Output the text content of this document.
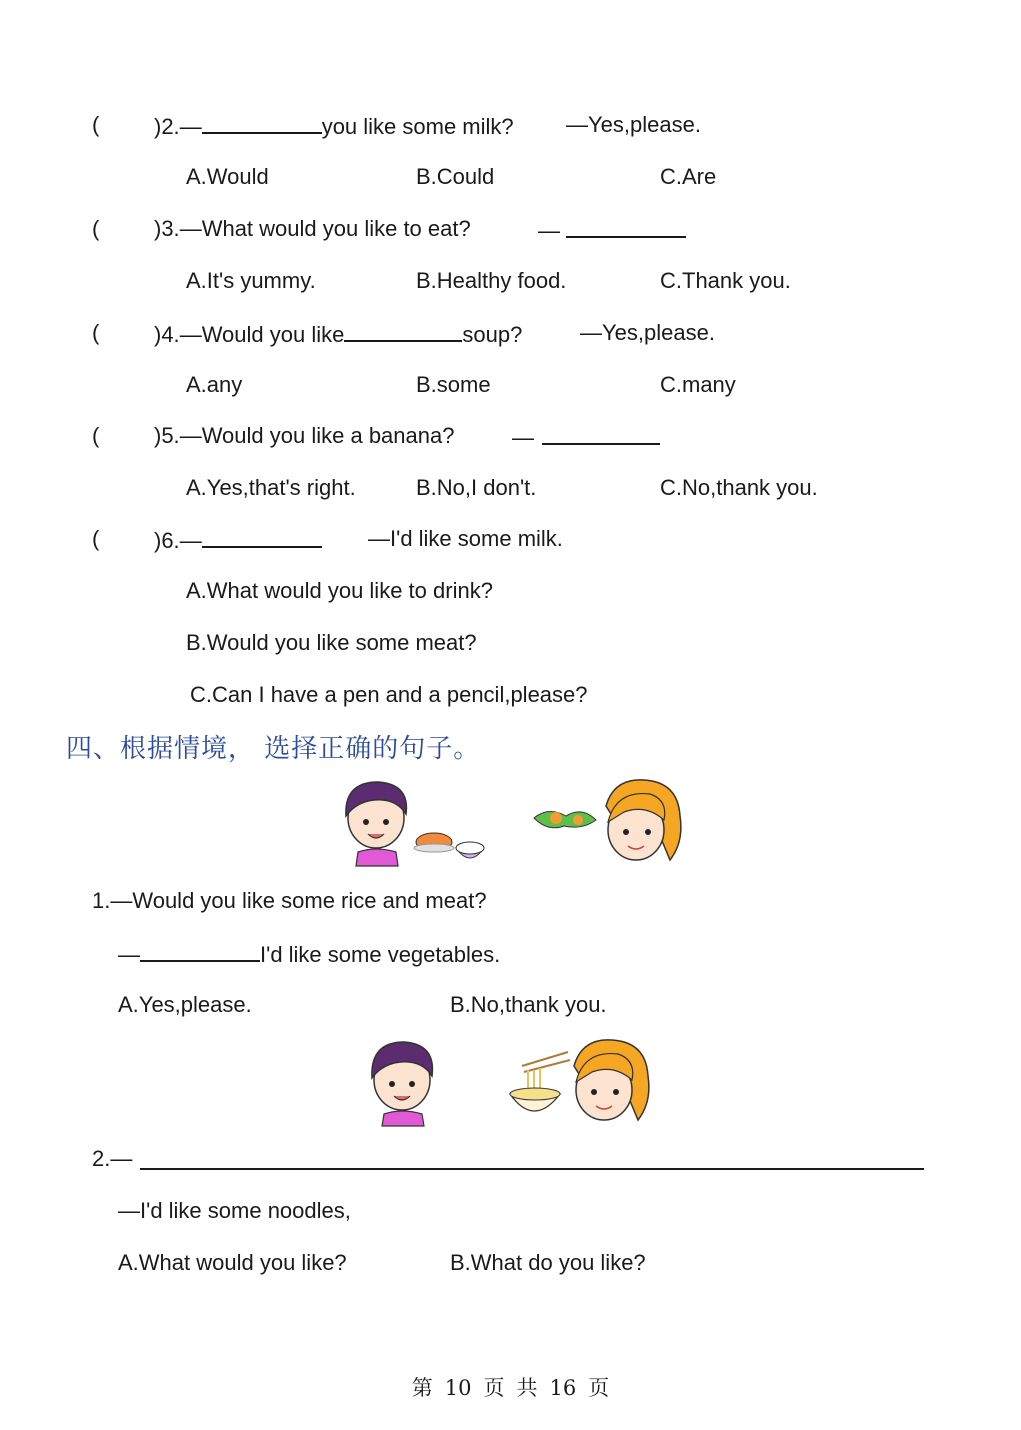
( )2.—	you like some milk? —Yes,please.
A.Would	B.Could	C.Are
( )3.—What would you like to eat?	—
A.It's yummy.	B.Healthy food.	C.Thank you.
( )4.—Would you like	soup?	—Yes,please.
A.any	B.some	C.many
( )5.—Would you like a banana?	—
A.Yes,that's right.	B.No,I don't.	C.No,thank you.
( )6.—	—I'd like some milk.
A.What would you like to drink?
B.Would you like some meat?
C.Can I have a pen and a pencil,please?
四、根据情境， 选择正确的句子。
1.—Would you like some rice and meat?
—	I'd like some vegetables.
A.Yes,please.	B.No,thank you.
2.—
—I'd like some noodles,
A.What would you like?	B.What do you like?
第 10 页 共 16 页
